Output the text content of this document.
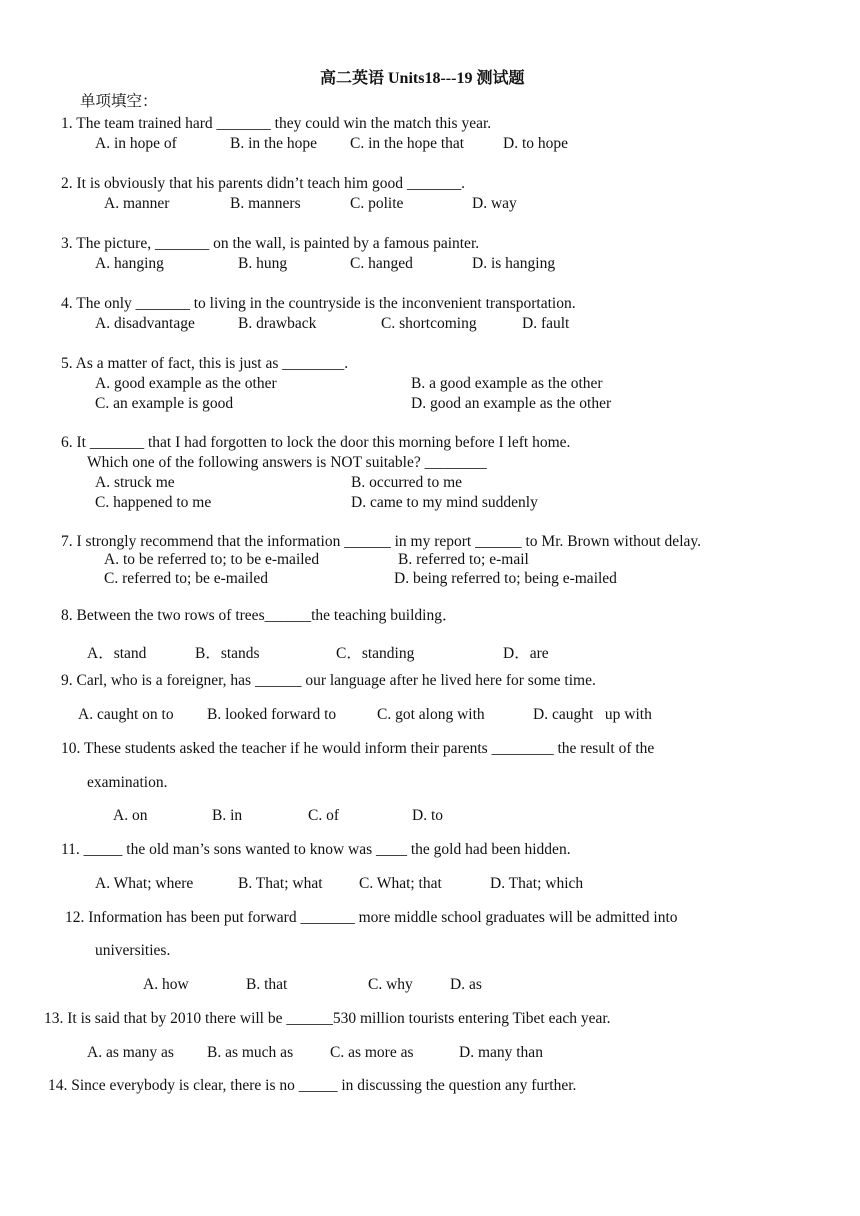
高二英语 Units18---19 测试题
单项填空：
1. The team trained hard _______ they could win the match this year.
A. in hope of	B. in the hope C. in the hope that	D. to hope
2. It is obviously that his parents didn’t teach him good _______.
A. manner	B. manners	C. polite	D. way
3. The picture, _______ on the wall, is painted by a famous painter.
A. hanging	B. hung	C. hanged	D. is hanging
4. The only _______ to living in the countryside is the inconvenient transportation.
A. disadvantage	B. drawback	C. shortcoming	D. fault
5. As a matter of fact, this is just as ________.
A. good example as the other	B. a good example as the other
C. an example is good	D. good an example as the other
6. It _______ that I had forgotten to lock the door this morning before I left home.
Which one of the following answers is NOT suitable? ________
A. struck me	B. occurred to me
C. happened to me	D. came to my mind suddenly
7. I strongly recommend that the information ______ in my report ______ to Mr. Brown without delay.
A. to be referred to; to be e-mailed	B. referred to; e-mail
C. referred to; be e-mailed	D. being referred to; being e-mailed
8. Between the two rows of trees______the teaching building．
A．stand	B．stands	C．standing	D．are
9. Carl, who is a foreigner, has ______ our language after he lived here for some time.
A. caught on to B. looked forward to	C. got along with	D. caught   up with
10. These students asked the teacher if he would inform their parents ________ the result of the
examination.
A. on	B. in	C. of	D. to
11. _____ the old man’s sons wanted to know was ____ the gold had been hidden.
A. What; where	B. That; what C. What; that	D. That; which
12. Information has been put forward _______ more middle school graduates will be admitted into
universities.
A. how	B. that	C. why D. as
13. It is said that by 2010 there will be ______530 million tourists entering Tibet each year.
A. as many as B. as much as C. as more as	D. many than
14. Since everybody is clear, there is no _____ in discussing the question any further.
